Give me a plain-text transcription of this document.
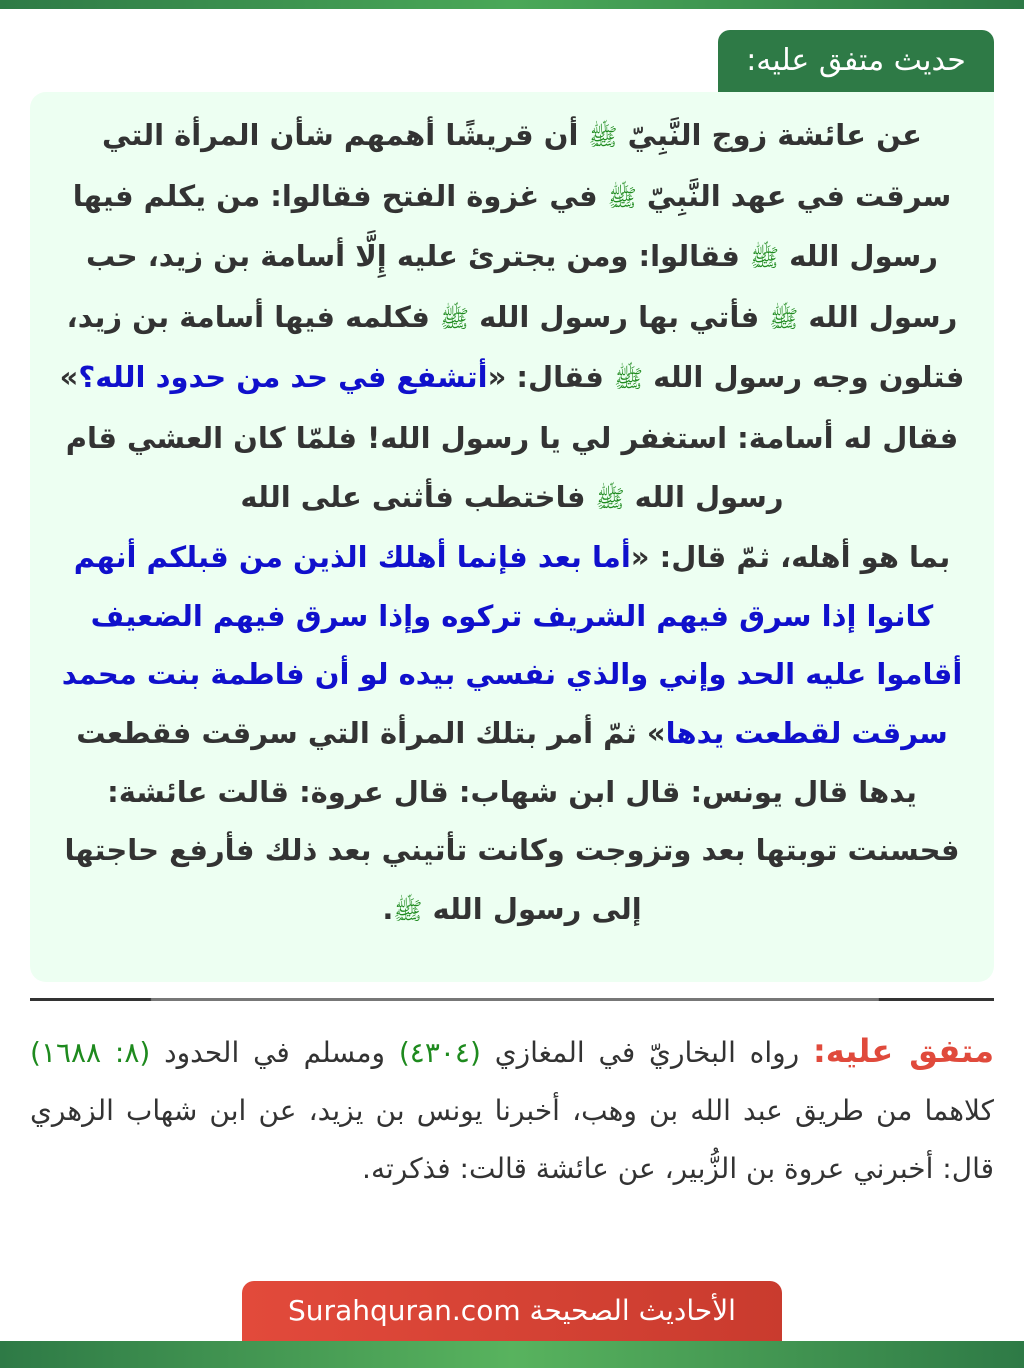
حديث متفق عليه:

عن عائشة زوج النَّبِيّ ﷺ أن قريشًا أهمهم شأن المرأة التي سرقت في عهد النَّبِيّ ﷺ في غزوة الفتح فقالوا: من يكلم فيها رسول الله ﷺ فقالوا: ومن يجترئ عليه إِلَّا أسامة بن زيد، حب رسول الله ﷺ فأتي بها رسول الله ﷺ فكلمه فيها أسامة بن زيد، فتلون وجه رسول الله ﷺ فقال: «أتشفع في حد من حدود الله؟» فقال له أسامة: استغفر لي يا رسول الله! فلمّا كان العشي قام رسول الله ﷺ فاختطب فأثنى على الله

بما هو أهله، ثمّ قال: «أما بعد فإنما أهلك الذين من قبلكم أنهم كانوا إذا سرق فيهم الشريف تركوه وإذا سرق فيهم الضعيف أقاموا عليه الحد وإني والذي نفسي بيده لو أن فاطمة بنت محمد سرقت لقطعت يدها» ثمّ أمر بتلك المرأة التي سرقت فقطعت يدها قال يونس: قال ابن شهاب: قال عروة: قالت عائشة: فحسنت توبتها بعد وتزوجت وكانت تأتيني بعد ذلك فأرفع حاجتها إلى رسول الله ﷺ.

متفق عليه: رواه البخاريّ في المغازي (٤٣٠٤) ومسلم في الحدود (٨: ١٦٨٨) كلاهما من طريق عبد الله بن وهب، أخبرنا يونس بن يزيد، عن ابن شهاب الزهري قال: أخبرني عروة بن الزُّبير، عن عائشة قالت: فذكرته.
الأحاديث الصحيحة Surahquran.com
